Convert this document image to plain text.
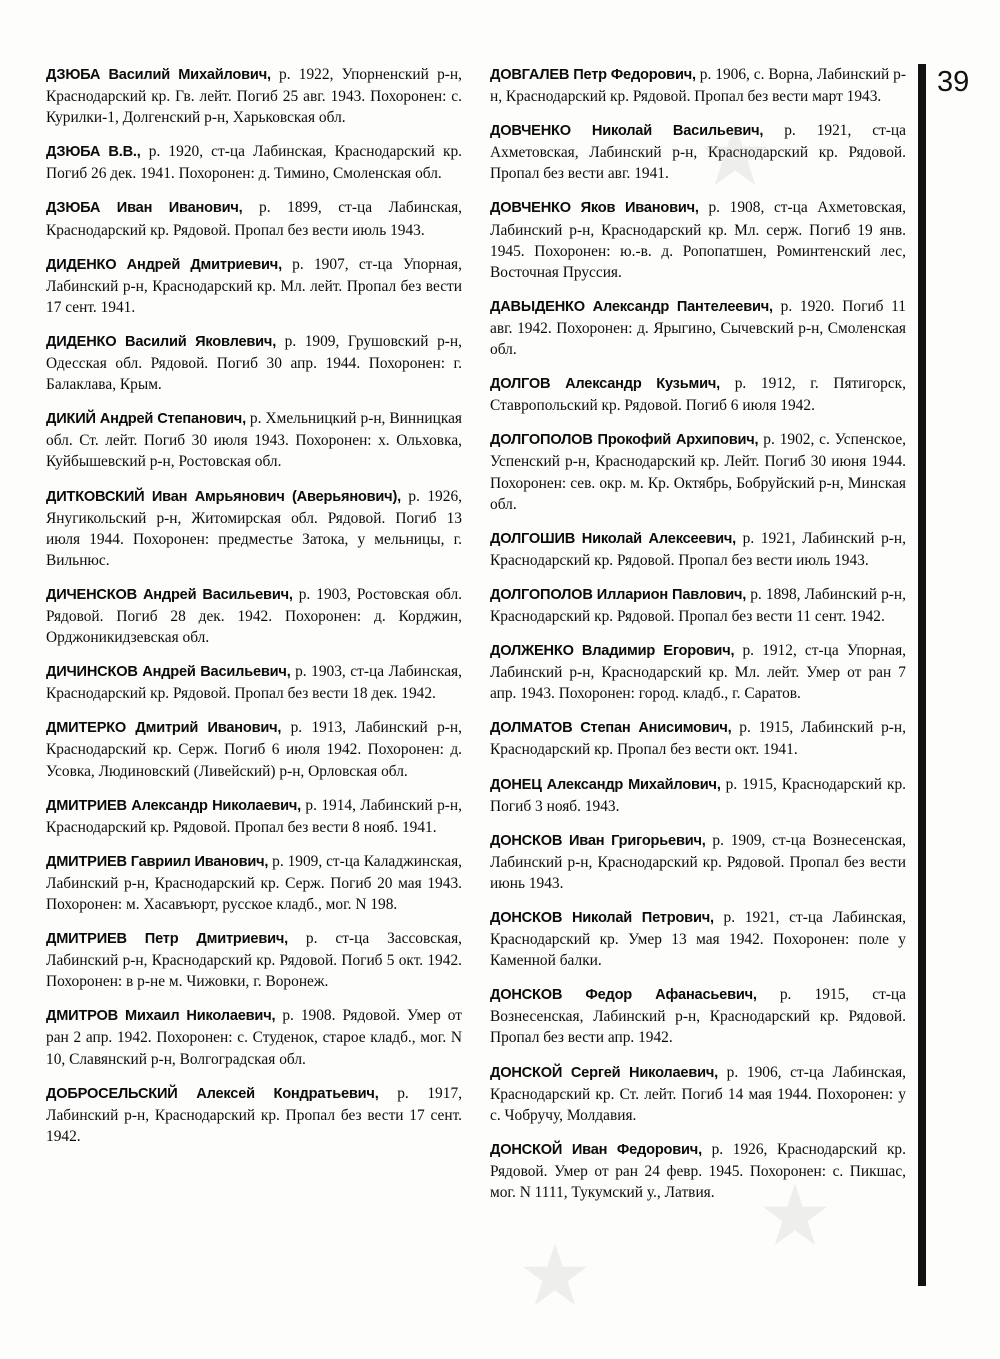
ДЗЮБА Василий Михайлович, р. 1922, Упорненский р-н, Краснодарский кр. Гв. лейт. Погиб 25 авг. 1943. Похоронен: с. Курилки-1, Долгенский р-н, Харьковская обл.

ДЗЮБА В.В., р. 1920, ст-ца Лабинская, Краснодарский кр. Погиб 26 дек. 1941. Похоронен: д. Тимино, Смоленская обл.

ДЗЮБА Иван Иванович, р. 1899, ст-ца Лабинская, Краснодарский кр. Рядовой. Пропал без вести июль 1943.

ДИДЕНКО Андрей Дмитриевич, р. 1907, ст-ца Упорная, Лабинский р-н, Краснодарский кр. Мл. лейт. Пропал без вести 17 сент. 1941.

ДИДЕНКО Василий Яковлевич, р. 1909, Грушовский р-н, Одесская обл. Рядовой. Погиб 30 апр. 1944. Похоронен: г. Балаклава, Крым.

ДИКИЙ Андрей Степанович, р. Хмельницкий р-н, Винницкая обл. Ст. лейт. Погиб 30 июля 1943. Похоронен: х. Ольховка, Куйбышевский р-н, Ростовская обл.

ДИТКОВСКИЙ Иван Амрьянович (Аверьянович), р. 1926, Янугикольский р-н, Житомирская обл. Рядовой. Погиб 13 июля 1944. Похоронен: предместье Затока, у мельницы, г. Вильнюс.

ДИЧЕНСКОВ Андрей Васильевич, р. 1903, Ростовская обл. Рядовой. Погиб 28 дек. 1942. Похоронен: д. Корджин, Орджоникидзевская обл.

ДИЧИНСКОВ Андрей Васильевич, р. 1903, ст-ца Лабинская, Краснодарский кр. Рядовой. Пропал без вести 18 дек. 1942.

ДМИТЕРКО Дмитрий Иванович, р. 1913, Лабинский р-н, Краснодарский кр. Серж. Погиб 6 июля 1942. Похоронен: д. Усовка, Людиновский (Ливейский) р-н, Орловская обл.

ДМИТРИЕВ Александр Николаевич, р. 1914, Лабинский р-н, Краснодарский кр. Рядовой. Пропал без вести 8 нояб. 1941.

ДМИТРИЕВ Гавриил Иванович, р. 1909, ст-ца Каладжинская, Лабинский р-н, Краснодарский кр. Серж. Погиб 20 мая 1943. Похоронен: м. Хасавъюрт, русское кладб., мог. N 198.

ДМИТРИЕВ Петр Дмитриевич, р. ст-ца Зассовская, Лабинский р-н, Краснодарский кр. Рядовой. Погиб 5 окт. 1942. Похоронен: в р-не м. Чижовки, г. Воронеж.

ДМИТРОВ Михаил Николаевич, р. 1908. Рядовой. Умер от ран 2 апр. 1942. Похоронен: с. Студенок, старое кладб., мог. N 10, Славянский р-н, Волгоградская обл.

ДОБРОСЕЛЬСКИЙ Алексей Кондратьевич, р. 1917, Лабинский р-н, Краснодарский кр. Пропал без вести 17 сент. 1942.

ДОВГАЛЕВ Петр Федорович, р. 1906, с. Ворна, Лабинский р-н, Краснодарский кр. Рядовой. Пропал без вести март 1943.

ДОВЧЕНКО Николай Васильевич, р. 1921, ст-ца Ахметовская, Лабинский р-н, Краснодарский кр. Рядовой. Пропал без вести авг. 1941.

ДОВЧЕНКО Яков Иванович, р. 1908, ст-ца Ахметовская, Лабинский р-н, Краснодарский кр. Мл. серж. Погиб 19 янв. 1945. Похоронен: ю.-в. д. Ропопатшен, Роминтенский лес, Восточная Пруссия.

ДАВЫДЕНКО Александр Пантелеевич, р. 1920. Погиб 11 авг. 1942. Похоронен: д. Ярыгино, Сычевский р-н, Смоленская обл.

ДОЛГОВ Александр Кузьмич, р. 1912, г. Пятигорск, Ставропольский кр. Рядовой. Погиб 6 июля 1942.

ДОЛГОПОЛОВ Прокофий Архипович, р. 1902, с. Успенское, Успенский р-н, Краснодарский кр. Лейт. Погиб 30 июня 1944. Похоронен: сев. окр. м. Кр. Октябрь, Бобруйский р-н, Минская обл.

ДОЛГОШИВ Николай Алексеевич, р. 1921, Лабинский р-н, Краснодарский кр. Рядовой. Пропал без вести июль 1943.

ДОЛГОПОЛОВ Илларион Павлович, р. 1898, Лабинский р-н, Краснодарский кр. Рядовой. Пропал без вести 11 сент. 1942.

ДОЛЖЕНКО Владимир Егорович, р. 1912, ст-ца Упорная, Лабинский р-н, Краснодарский кр. Мл. лейт. Умер от ран 7 апр. 1943. Похоронен: город. кладб., г. Саратов.

ДОЛМАТОВ Степан Анисимович, р. 1915, Лабинский р-н, Краснодарский кр. Пропал без вести окт. 1941.

ДОНЕЦ Александр Михайлович, р. 1915, Краснодарский кр. Погиб 3 нояб. 1943.

ДОНСКОВ Иван Григорьевич, р. 1909, ст-ца Вознесенская, Лабинский р-н, Краснодарский кр. Рядовой. Пропал без вести июнь 1943.

ДОНСКОВ Николай Петрович, р. 1921, ст-ца Лабинская, Краснодарский кр. Умер 13 мая 1942. Похоронен: поле у Каменной балки.

ДОНСКОВ Федор Афанасьевич, р. 1915, ст-ца Вознесенская, Лабинский р-н, Краснодарский кр. Рядовой. Пропал без вести апр. 1942.

ДОНСКОЙ Сергей Николаевич, р. 1906, ст-ца Лабинская, Краснодарский кр. Ст. лейт. Погиб 14 мая 1944. Похоронен: у с. Чобручу, Молдавия.

ДОНСКОЙ Иван Федорович, р. 1926, Краснодарский кр. Рядовой. Умер от ран 24 февр. 1945. Похоронен: с. Пикшас, мог. N 1111, Тукумский у., Латвия.

39
